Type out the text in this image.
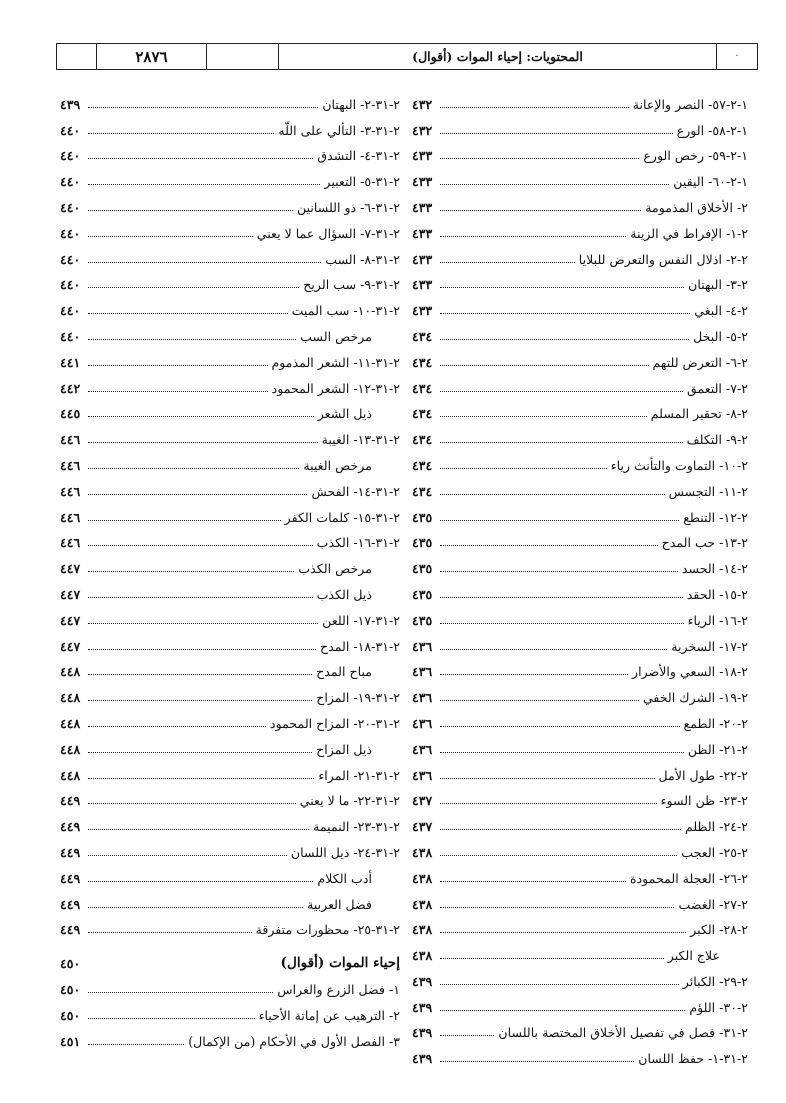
٢٨٧٦	المحتويات: إحياء الموات (أقوال)	·
١-٢-٥٧- النصر والإعانة
٤٣٢
١-٢-٥٨- الورع
٤٣٢
١-٢-٥٩- رخص الورع
٤٣٣
١-٢-٦٠- اليقين
٤٣٣
٢- الأخلاق المذمومة
٤٣٣
٢-١- الإفراط في الزينة
٤٣٣
٢-٢- اذلال النفس والتعرض للبلايا
٤٣٣
٢-٣- البهتان
٤٣٣
٢-٤- البغي
٤٣٣
٢-٥- البخل
٤٣٤
٢-٦- التعرض للتهم
٤٣٤
٢-٧- التعمق
٤٣٤
٢-٨- تحقير المسلم
٤٣٤
٢-٩- التكلف
٤٣٤
٢-١٠- التماوت والتأنث رياء
٤٣٤
٢-١١- التجسس
٤٣٤
٢-١٢- التنطع
٤٣٥
٢-١٣- حب المدح
٤٣٥
٢-١٤- الحسد
٤٣٥
٢-١٥- الحقد
٤٣٥
٢-١٦- الرياء
٤٣٥
٢-١٧- السخرية
٤٣٦
٢-١٨- السعي والأضرار
٤٣٦
٢-١٩- الشرك الخفي
٤٣٦
٢-٢٠- الطمع
٤٣٦
٢-٢١- الظن
٤٣٦
٢-٢٢- طول الأمل
٤٣٦
٢-٢٣- ظن السوء
٤٣٧
٢-٢٤- الظلم
٤٣٧
٢-٢٥- العجب
٤٣٨
٢-٢٦- العجلة المحمودة
٤٣٨
٢-٢٧- الغضب
٤٣٨
٢-٢٨- الكبر
٤٣٨
علاج الكبر
٤٣٨
٢-٢٩- الكبائر
٤٣٩
٢-٣٠- اللؤم
٤٣٩
٢-٣١- فصل في تفصيل الأخلاق المختصة باللسان
٤٣٩
٢-٣١-١- حفظ اللسان
٤٣٩
٢-٣١-٢- البهتان
٤٣٩
٢-٣١-٣- التألي على اللّه
٤٤٠
٢-٣١-٤- التشدق
٤٤٠
٢-٣١-٥- التعبير
٤٤٠
٢-٣١-٦- ذو اللسانين
٤٤٠
٢-٣١-٧- السؤال عما لا يعني
٤٤٠
٢-٣١-٨- السب
٤٤٠
٢-٣١-٩- سب الريح
٤٤٠
٢-٣١-١٠- سب الميت
٤٤٠
مرخص السب
٤٤٠
٢-٣١-١١- الشعر المذموم
٤٤١
٢-٣١-١٢- الشعر المحمود
٤٤٢
ذيل الشعر
٤٤٥
٢-٣١-١٣- الغيبة
٤٤٦
مرخص الغيبة
٤٤٦
٢-٣١-١٤- الفحش
٤٤٦
٢-٣١-١٥- كلمات الكفر
٤٤٦
٢-٣١-١٦- الكذب
٤٤٦
مرخص الكذب
٤٤٧
ذيل الكذب
٤٤٧
٢-٣١-١٧- اللعن
٤٤٧
٢-٣١-١٨- المدح
٤٤٧
مباح المدح
٤٤٨
٢-٣١-١٩- المزاح
٤٤٨
٢-٣١-٢٠- المزاح المحمود
٤٤٨
ذيل المزاح
٤٤٨
٢-٣١-٢١- المراء
٤٤٨
٢-٣١-٢٢- ما لا يعني
٤٤٩
٢-٣١-٢٣- النميمة
٤٤٩
٢-٣١-٢٤- ذيل اللسان
٤٤٩
أدب الكلام
٤٤٩
فضل العربية
٤٤٩
٢-٣١-٢٥- محظورات متفرقة
٤٤٩
إحياء الموات (أقوال)
٤٥٠
١- فضل الزرع والغراس
٤٥٠
٢- الترهيب عن إماتة الأحياء
٤٥٠
٣- الفصل الأول في الأحكام (من الإكمال)
٤٥١
